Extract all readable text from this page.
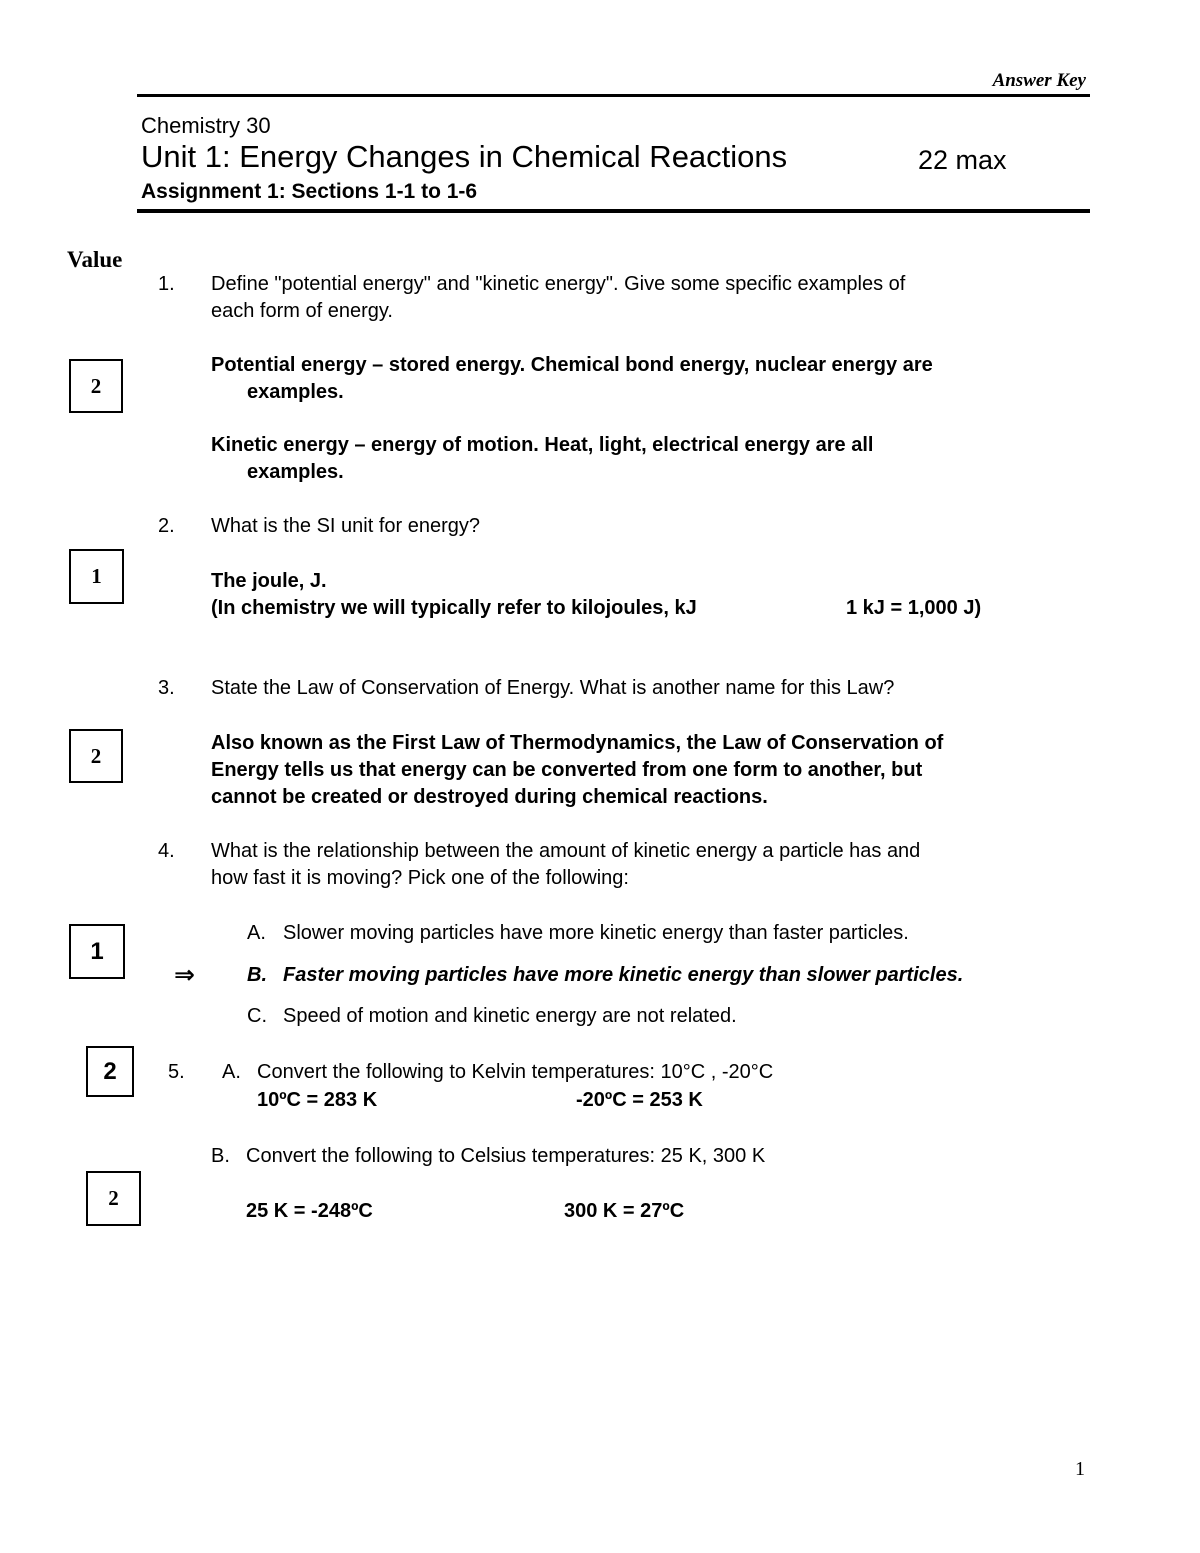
Answer Key
Chemistry 30
Unit 1: Energy Changes in Chemical Reactions	22 max
Assignment 1: Sections 1-1 to 1-6
Value
1. Define "potential energy" and "kinetic energy". Give some specific examples of
each form of energy.
2
Potential energy – stored energy. Chemical bond energy, nuclear energy are
examples.
Kinetic energy – energy of motion. Heat, light, electrical energy are all
examples.
2. What is the SI unit for energy?
1	The joule, J.
(In chemistry we will typically refer to kilojoules, kJ	1 kJ = 1,000 J)
3. State the Law of Conservation of Energy. What is another name for this Law?
2
Also known as the First Law of Thermodynamics, the Law of Conservation of
Energy tells us that energy can be converted from one form to another, but
cannot be created or destroyed during chemical reactions.
4. What is the relationship between the amount of kinetic energy a particle has and
how fast it is moving? Pick one of the following:
1
A. Slower moving particles have more kinetic energy than faster particles.
⇒	B. Faster moving particles have more kinetic energy than slower particles.
C. Speed of motion and kinetic energy are not related.
2	5. A. Convert the following to Kelvin temperatures: 10°C , -20°C
10ºC = 283 K	-20ºC = 253 K
B. Convert the following to Celsius temperatures: 25 K, 300 K
2
25 K = -248ºC	300 K = 27ºC
1
